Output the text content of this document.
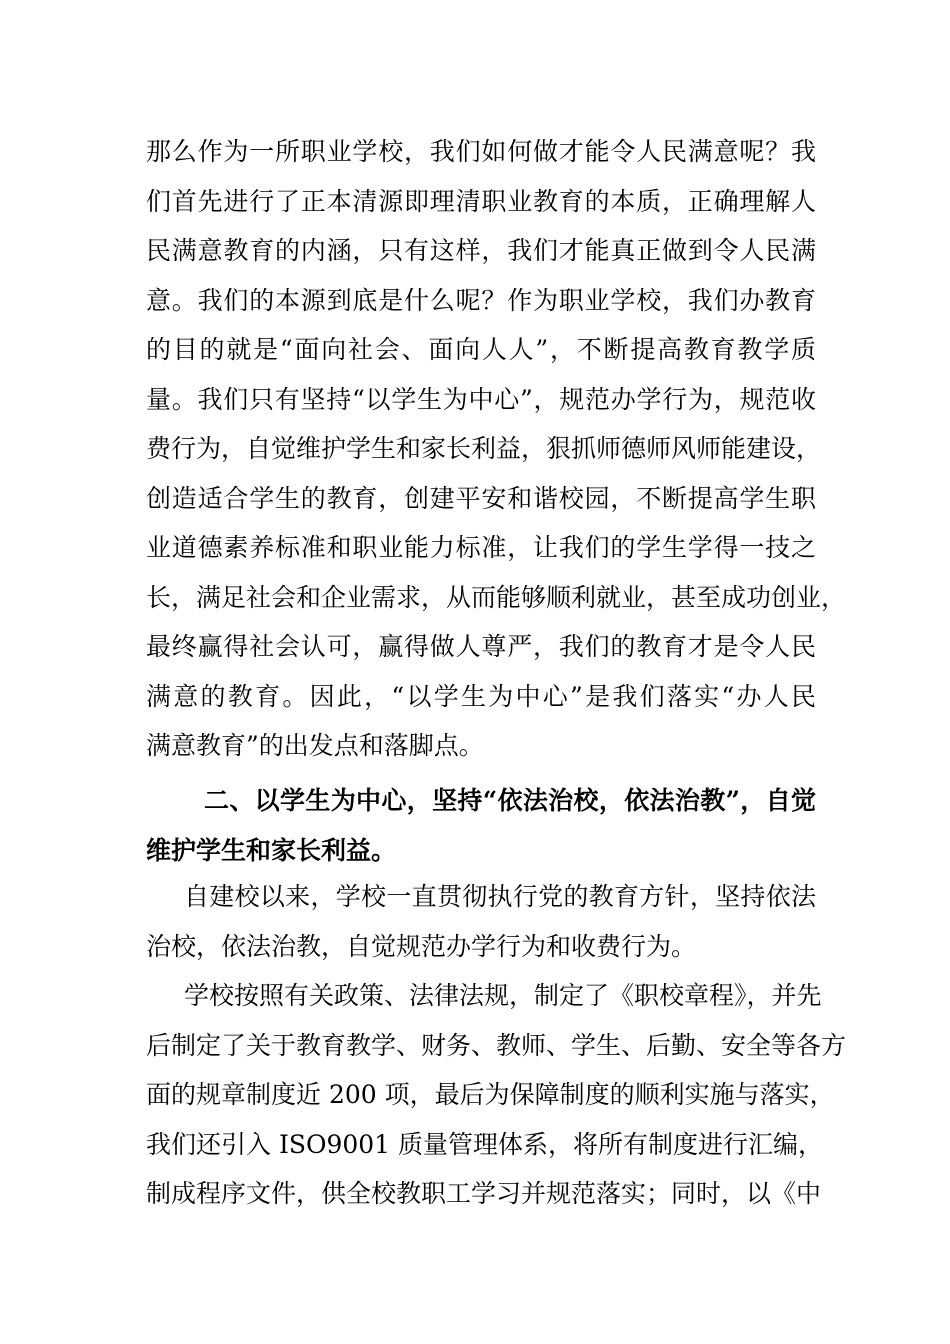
那么作为一所职业学校，我们如何做才能令人民满意呢？我
们首先进行了正本清源即理清职业教育的本质，正确理解人
民满意教育的内涵，只有这样，我们才能真正做到令人民满
意。我们的本源到底是什么呢？作为职业学校，我们办教育
的目的就是“面向社会、面向人人”，不断提高教育教学质
量。我们只有坚持“以学生为中心”，规范办学行为，规范收
费行为，自觉维护学生和家长利益，狠抓师德师风师能建设，
创造适合学生的教育，创建平安和谐校园，不断提高学生职
业道德素养标准和职业能力标准，让我们的学生学得一技之
长，满足社会和企业需求，从而能够顺利就业，甚至成功创业，
最终赢得社会认可，赢得做人尊严，我们的教育才是令人民
满意的教育。因此，“以学生为中心”是我们落实“办人民
满意教育”的出发点和落脚点。
二、以学生为中心，坚持“依法治校，依法治教”，自觉
维护学生和家长利益。
自建校以来，学校一直贯彻执行党的教育方针，坚持依法
治校，依法治教，自觉规范办学行为和收费行为。
学校按照有关政策、法律法规，制定了《职校章程》，并先
后制定了关于教育教学、财务、教师、学生、后勤、安全等各方
面的规章制度近 200 项，最后为保障制度的顺利实施与落实，
我们还引入 ISO9001 质量管理体系，将所有制度进行汇编，
制成程序文件，供全校教职工学习并规范落实；同时，以《中
